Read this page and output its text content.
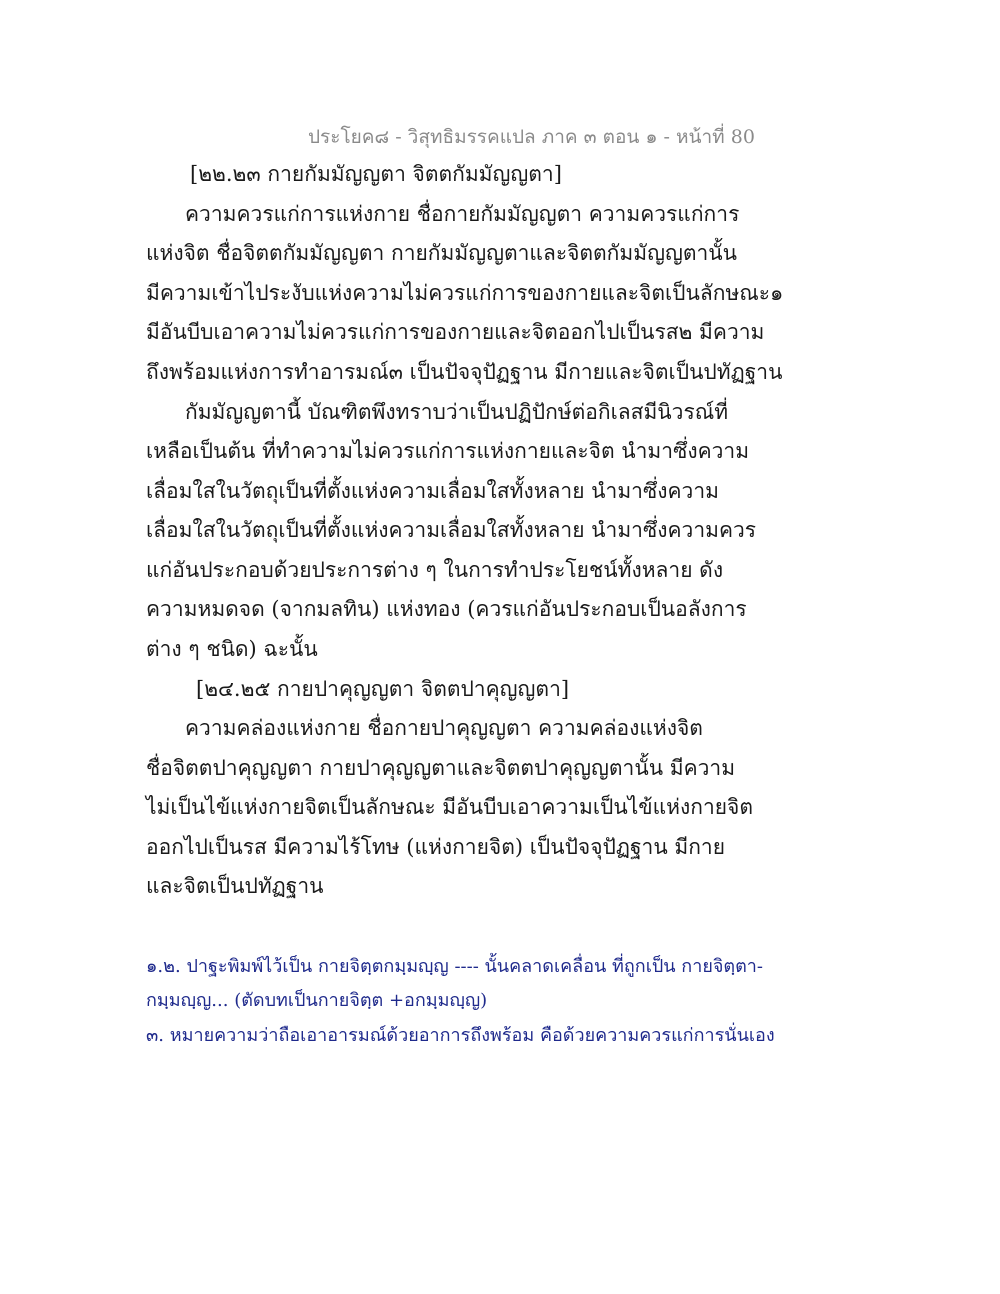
ประโยค๘ - วิสุทธิมรรคแปล ภาค ๓ ตอน ๑ - หน้าที่ 80
[๒๒.๒๓ กายกัมมัญญตา จิตตกัมมัญญตา]
ความควรแก่การแห่งกาย ชื่อกายกัมมัญญตา ความควรแก่การ
แห่งจิต ชื่อจิตตกัมมัญญตา กายกัมมัญญตาและจิตตกัมมัญญตานั้น
มีความเข้าไประงับแห่งความไม่ควรแก่การของกายและจิตเป็นลักษณะ๑
มีอันบีบเอาความไม่ควรแก่การของกายและจิตออกไปเป็นรส๒ มีความ
ถึงพร้อมแห่งการทำอารมณ์๓ เป็นปัจจุปัฏฐาน มีกายและจิตเป็นปทัฏฐาน
กัมมัญญตานี้ บัณฑิตพึงทราบว่าเป็นปฏิปักษ์ต่อกิเลสมีนิวรณ์ที่
เหลือเป็นต้น ที่ทำความไม่ควรแก่การแห่งกายและจิต นำมาซึ่งความ
เลื่อมใสในวัตถุเป็นที่ตั้งแห่งความเลื่อมใสทั้งหลาย นำมาซึ่งความ
เลื่อมใสในวัตถุเป็นที่ตั้งแห่งความเลื่อมใสทั้งหลาย นำมาซึ่งความควร
แก่อันประกอบด้วยประการต่าง ๆ ในการทำประโยชน์ทั้งหลาย ดัง
ความหมดจด (จากมลทิน) แห่งทอง (ควรแก่อันประกอบเป็นอลังการ
ต่าง ๆ ชนิด) ฉะนั้น
[๒๔.๒๕ กายปาคุญญตา จิตตปาคุญญตา]
ความคล่องแห่งกาย ชื่อกายปาคุญญตา ความคล่องแห่งจิต
ชื่อจิตตปาคุญญตา กายปาคุญญตาและจิตตปาคุญญตานั้น มีความ
ไม่เป็นไข้แห่งกายจิตเป็นลักษณะ มีอันบีบเอาความเป็นไข้แห่งกายจิต
ออกไปเป็นรส มีความไร้โทษ (แห่งกายจิต) เป็นปัจจุปัฏฐาน มีกาย
และจิตเป็นปทัฏฐาน
๑.๒. ปาฐะพิมพ์ไว้เป็น กายจิตฺตกมฺมญฺญ ---- นั้นคลาดเคลื่อน ที่ถูกเป็น กายจิตฺตา-
กมฺมญฺญ... (ตัดบทเป็นกายจิตฺต +อกมฺมญฺญ)
๓. หมายความว่าถือเอาอารมณ์ด้วยอาการถึงพร้อม คือด้วยความควรแก่การนั่นเอง
